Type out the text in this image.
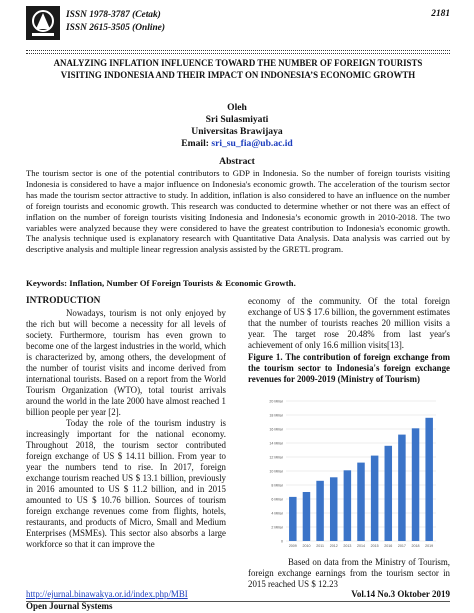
ISSN 1978-3787 (Cetak)
ISSN 2615-3505 (Online)
2181
ANALYZING INFLATION INFLUENCE TOWARD THE NUMBER OF FOREIGN TOURISTS VISITING INDONESIA AND THEIR IMPACT ON INDONESIA’S ECONOMIC GROWTH
Oleh
Sri Sulasmiyati
Universitas Brawijaya
Email: sri_su_fia@ub.ac.id
Abstract
The tourism sector is one of the potential contributors to GDP in Indonesia. So the number of foreign tourists visiting Indonesia is considered to have a major influence on Indonesia's economic growth. The acceleration of the tourism sector has made the tourism sector attractive to study. In addition, inflation is also considered to have an influence on the number of foreign tourists and economic growth. This research was conducted to determine whether or not there was an effect of inflation on the number of foreign tourists visiting Indonesia and Indonesia’s economic growth in 2010-2018. The two variables were analyzed because they were considered to have the greatest contribution to Indonesia's economic growth. The analysis technique used is explanatory research with Quantitative Data Analysis. Data analysis was carried out by descriptive analysis and multiple linear regression analysis assisted by the GRETL program.
Keywords: Inflation, Number Of Foreign Tourists & Economic Growth.
INTRODUCTION
Nowadays, tourism is not only enjoyed by the rich but will become a necessity for all levels of society. Furthermore, tourism has even grown to become one of the largest industries in the world, which is characterized by, among others, the development of the number of tourist visits and income derived from international tourists. Based on a report from the World Tourism Organization (WTO), total tourist arrivals around the world in the late 2000 have almost reached 1 billion people per year [2].
Today the role of the tourism industry is increasingly important for the national economy. Throughout 2018, the tourism sector contributed foreign exchange of US $ 14.11 billion. From year to year the numbers tend to rise. In 2017, foreign exchange tourism reached US $ 13.1 billion, previously in 2016 amounted to US $ 11.2 billion, and in 2015 amounted to US $ 10.76 billion. Sources of tourism foreign exchange revenues come from flights, hotels, restaurants, and products of Micro, Small and Medium Enterprises (MSMEs). This sector also absorbs a large workforce so that it can improve the
economy of the community. Of the total foreign exchange of US $ 17.6 billion, the government estimates that the number of tourists reaches 20 million visits a year. The target rose 20.48% from last year's achievement of only 16.6 million visits[13].
Figure 1. The contribution of foreign exchange from the tourism sector to Indonesia's foreign exchange revenues for 2009-2019 (Ministry of Tourism)
0
2 Miliar
4 Miliar
6 Miliar
8 Miliar
10 Miliar
12 Miliar
14 Miliar
16 Miliar
18 Miliar
20 Miliar
2009 2010 2011 2012 2013 2014 2015 2016 2017 2018 2019
Based on data from the Ministry of Tourism, foreign exchange earnings from the tourism sector in 2015 reached US $ 12.23
http://ejurnal.binawakya.or.id/index.php/MBI	Vol.14 No.3 Oktober 2019
Open Journal Systems
